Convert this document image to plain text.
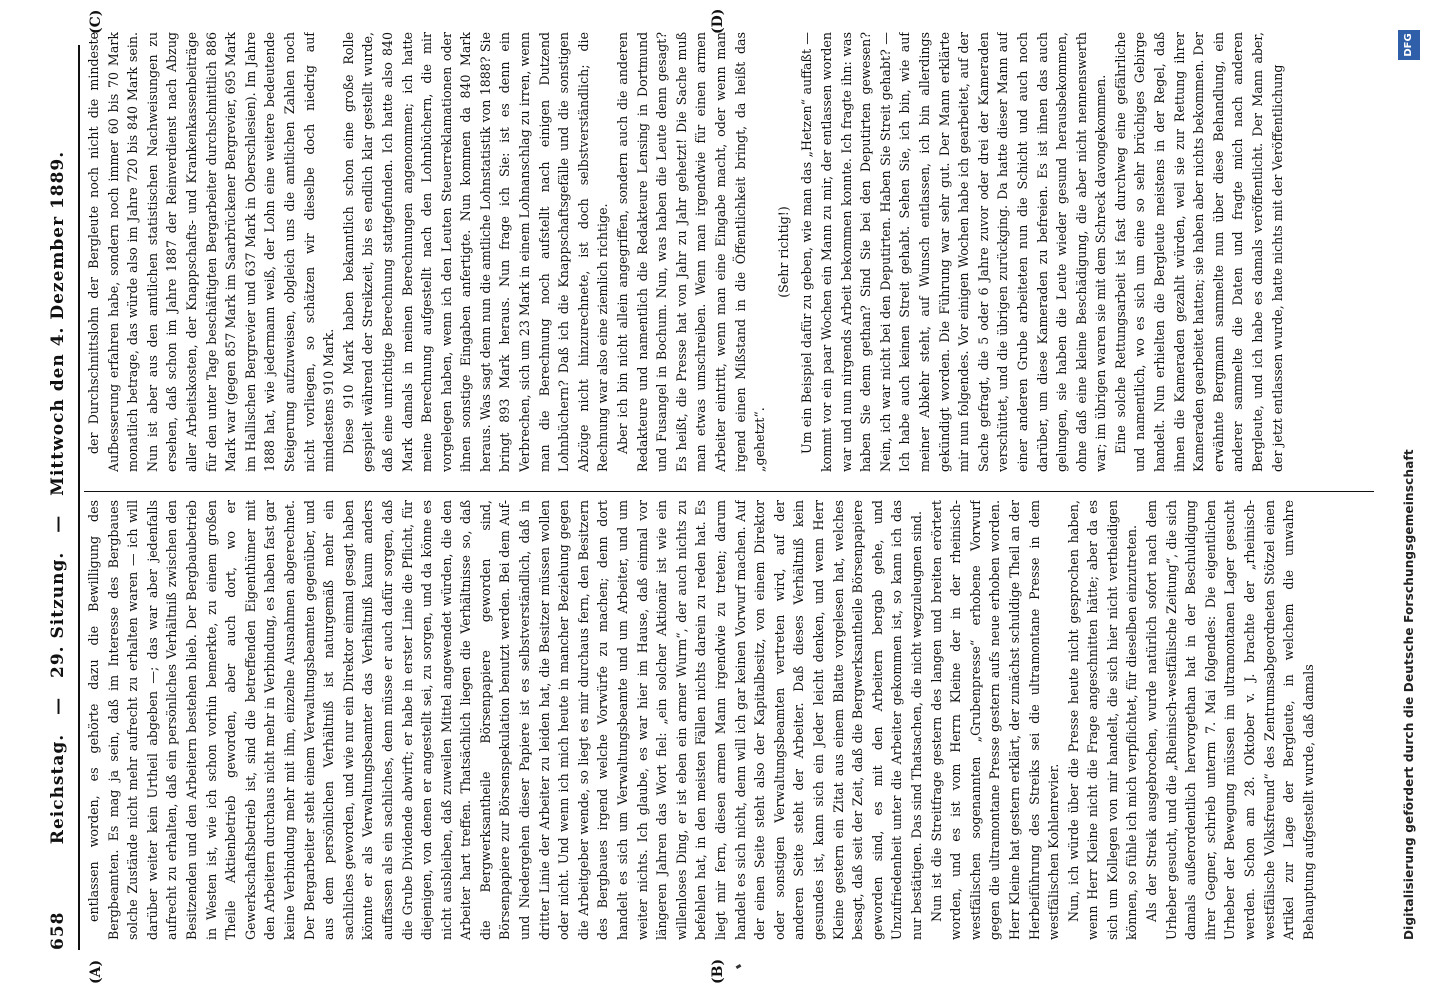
658
Reichstag. — 29. Sitzung. — Mittwoch den 4. Dezember 1889.
(A)	(B)
(C)	(D)

entlassen worden, es gehörte dazu die Bewilligung des Bergbeamten. Es mag ja sein, daß im Interesse des Bergbaues solche Zustände nicht mehr aufrecht zu erhalten waren — ich will darüber weiter kein Urtheil abgeben —; das war aber jedenfalls aufrecht zu erhalten, daß ein persönliches Verhältniß zwischen den Besitzenden und den Arbeitern bestehen blieb. Der Bergbaubetrieb in Westen ist, wie ich schon vorhin bemerkte, zu einem großen Theile Aktienbetrieb geworden, aber auch dort, wo er Gewerkschaftsbetrieb ist, sind die betreffenden Eigenthümer mit den Arbeitern durchaus nicht mehr in Verbindung, es haben fast gar keine Verbindung mehr mit ihm, einzelne Ausnahmen abgerechnet. Der Bergarbeiter steht einem Verwaltungsbeamten gegenüber, und aus dem persönlichen Verhältniß ist naturgemäß mehr ein sachliches geworden, und wie nur ein Direktor einmal gesagt haben könnte er als Verwaltungsbeamter das Verhältniß kaum anders auffassen als ein sachliches, denn müsse er auch dafür sorgen, daß die Grube Dividende abwirft; er habe in erster Linie die Pflicht, für diejenigen, von denen er angestellt sei, zu sorgen, und da könne es nicht ausbleiben, daß zuweilen Mittel angewendet würden, die den Arbeiter hart treffen. Thatsächlich liegen die Verhältnisse so, daß die Bergwerksantheile Börsenpapiere geworden sind, Börsenpapiere zur Börsenspekulation benutzt werden. Bei dem Auf- und Niedergehen dieser Papiere ist es selbstverständlich, daß in dritter Linie der Arbeiter zu leiden hat, die Besitzer müssen wollen oder nicht. Und wenn ich mich heute in mancher Beziehung gegen die Arbeitgeber wende, so liegt es mir durchaus fern, den Besitzern des Bergbaues irgend welche Vorwürfe zu machen; denn dort handelt es sich um Verwaltungsbeamte und um Arbeiter, und um weiter nichts. Ich glaube, es war hier im Hause, daß einmal vor längeren Jahren das Wort fiel: „ein solcher Aktionär ist wie ein willenloses Ding, er ist eben ein armer Wurm“, der auch nichts zu befehlen hat, in den meisten Fällen nichts darein zu reden hat. Es liegt mir fern, diesen armen Mann irgendwie zu treten; darum handelt es sich nicht, denn will ich gar keinen Vorwurf machen. Auf der einen Seite steht also der Kapitalbesitz, von einem Direktor oder sonstigen Verwaltungsbeamten vertreten wird, auf der anderen Seite steht der Arbeiter. Daß dieses Verhältniß kein gesundes ist, kann sich ein Jeder leicht denken, und wenn Herr Kleine gestern ein Zitat aus einem Blatte vorgelesen hat, welches besagt, daß seit der Zeit, daß die Bergwerksantheile Börsenpapiere geworden sind, es mit den Arbeitern bergab gehe, und Unzufriedenheit unter die Arbeiter gekommen ist, so kann ich das nur bestätigen. Das sind Thatsachen, die nicht wegzuleugnen sind. Nun ist die Streitfrage gestern des langen und breiten erörtert worden, und es ist vom Herrn Kleine der in der rheinisch-westfälischen sogenannten „Grubenpresse“ erhobene Vorwurf gegen die ultramontane Presse gestern aufs neue erhoben worden. Herr Kleine hat gestern erklärt, der zunächst schuldige Theil an der Herbeiführung des Streiks sei die ultramontane Presse in dem westfälischen Kohlenrevier. Nun, ich würde über die Presse heute nicht gesprochen haben, wenn Herr Kleine nicht die Frage angeschnitten hätte; aber da es sich um Kollegen von mir handelt, die sich hier nicht vertheidigen können, so fühle ich mich verpflichtet, für dieselben einzutreten. Als der Streik ausgebrochen, wurde natürlich sofort nach dem Urheber gesucht, und die „Rheinisch-westfälische Zeitung“, die sich damals außerordentlich hervorgethan hat in der Beschuldigung ihrer Gegner, schrieb unterm 7. Mai folgendes: Die eigentlichen Urheber der Bewegung müssen im ultramontanen Lager gesucht werden. Schon am 28. Oktober v. J. brachte der „rheinisch-westfälische Volksfreund“ des Zentrumsabgeordneten Stötzel einen Artikel zur Lage der Bergleute, in welchem die unwahre Behauptung aufgestellt wurde, daß damals

der Durchschnittslohn der Bergleute noch nicht die mindeste Aufbesserung erfahren habe, sondern noch immer 60 bis 70 Mark monatlich betrage, das würde also im Jahre 720 bis 840 Mark sein. Nun ist aber aus den amtlichen statistischen Nachweisungen zu ersehen, daß schon im Jahre 1887 der Reinverdienst nach Abzug aller Arbeitskosten, der Knappschafts- und Krankenkassenbeiträge für den unter Tage beschäftigten Bergarbeiter durchschnittlich 886 Mark war (gegen 857 Mark im Saarbrückener Bergrevier, 695 Mark im Hallischen Bergrevier und 637 Mark in Oberschlesien). Im Jahre 1888 hat, wie jedermann weiß, der Lohn eine weitere bedeutende Steigerung aufzuweisen, obgleich uns die amtlichen Zahlen noch nicht vorliegen, so schätzen wir dieselbe doch niedrig auf mindestens 910 Mark. Diese 910 Mark haben bekanntlich schon eine große Rolle gespielt während der Streikzeit, bis es endlich klar gestellt wurde, daß eine unrichtige Berechnung stattgefunden. Ich hatte also 840 Mark damals in meinen Berechnungen angenommen; ich hatte meine Berechnung aufgestellt nach den Lohnbüchern, die mir vorgelegen haben, wenn ich den Leuten Steuerreklamationen oder ihnen sonstige Eingaben anfertigte. Nun kommen da 840 Mark heraus. Was sagt denn nun die amtliche Lohnstatistik von 1888? Sie bringt 893 Mark heraus. Nun frage ich Sie: ist es denn ein Verbrechen, sich um 23 Mark in einem Lohnanschlag zu irren, wenn man die Berechnung noch aufstellt nach einigen Dutzend Lohnbüchern? Daß ich die Knappschaftsgefälle und die sonstigen Abzüge nicht hinzurechnete, ist doch selbstverständlich; die Rechnung war also eine ziemlich richtige. Aber ich bin nicht allein angegriffen, sondern auch die anderen Redakteure und namentlich die Redakteure Lensing in Dortmund und Fusangel in Bochum. Nun, was haben die Leute denn gesagt? Es heißt, die Presse hat von Jahr zu Jahr gehetzt! Die Sache muß man etwas umschreiben. Wenn man irgendwie für einen armen Arbeiter eintritt, wenn man eine Eingabe macht, oder wenn man irgend einen Mißstand in die Öffentlichkeit bringt, da heißt das „gehetzt“.

(Sehr richtig!) Um ein Beispiel dafür zu geben, wie man das „Hetzen“ auffaßt — kommt vor ein paar Wochen ein Mann zu mir, der entlassen worden war und nun nirgends Arbeit bekommen konnte. Ich fragte ihn: was haben Sie denn gethan? Sind Sie bei den Deputirten gewesen? Nein, ich war nicht bei den Deputirten. Haben Sie Streit gehabt? — Ich habe auch keinen Streit gehabt. Sehen Sie, ich bin, wie auf meiner Abkehr steht, auf Wunsch entlassen, ich bin allerdings gekündigt worden. Die Führung war sehr gut. Der Mann erklärte mir nun folgendes. Vor einigen Wochen habe ich gearbeitet, auf der Sache gefragt, die 5 oder 6 Jahre zuvor oder drei der Kameraden verschüttet, und die übrigen zurückging. Da hatte dieser Mann auf einer anderen Grube arbeiteten nun die Schicht und auch noch darüber, um diese Kameraden zu befreien. Es ist ihnen das auch gelungen, sie haben die Leute wieder gesund herausbekommen, ohne daß eine kleine Beschädigung, die aber nicht nennenswerth war; im übrigen waren sie mit dem Schreck davongekommen. Eine solche Rettungsarbeit ist fast durchweg eine gefährliche und namentlich, wo es sich um eine so sehr brüchiges Gebirge handelt. Nun erhielten die Bergleute meistens in der Regel, daß ihnen die Kameraden gezahlt würden, weil sie zur Rettung ihrer Kameraden gearbeitet hatten; sie haben aber nichts bekommen. Der erwähnte Bergmann sammelte nun über diese Behandlung, ein anderer sammelte die Daten und fragte mich nach anderen Bergleute, und ich habe es damals veröffentlicht. Der Mann aber, der jetzt entlassen wurde, hatte nichts mit der Veröffentlichung

Digitalisierung gefördert durch die Deutsche Forschungsgemeinschaft
DFG
